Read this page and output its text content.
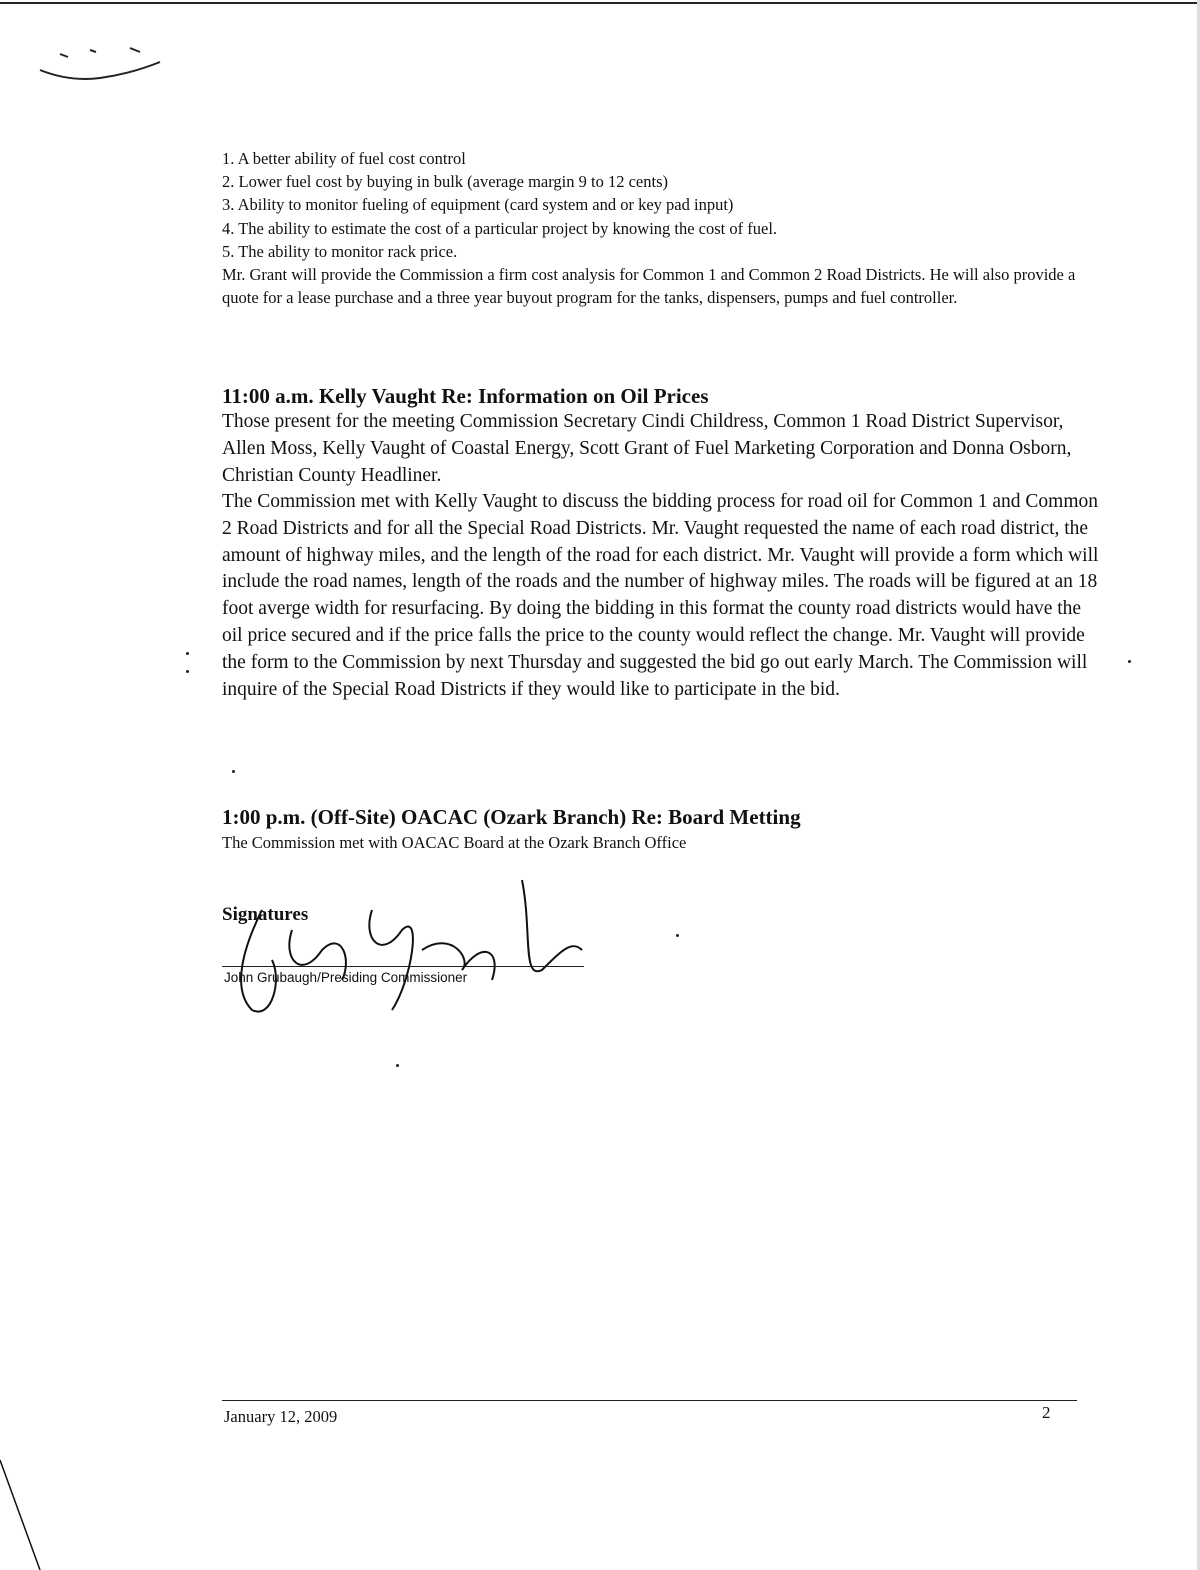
1. A better ability of fuel cost control
2. Lower fuel cost by buying in bulk (average margin 9 to 12 cents)
3. Ability to monitor fueling of equipment (card system and or key pad input)
4. The ability to estimate the cost of a particular project by knowing the cost of fuel.
5. The ability to monitor rack price.

Mr. Grant will provide the Commission a firm cost analysis for Common 1 and Common 2 Road Districts. He will also provide a quote for a lease purchase and a three year buyout program for the tanks, dispensers, pumps and fuel controller.

11:00 a.m. Kelly Vaught Re: Information on Oil Prices

Those present for the meeting Commission Secretary Cindi Childress, Common 1 Road District Supervisor, Allen Moss, Kelly Vaught of Coastal Energy, Scott Grant of Fuel Marketing Corporation and Donna Osborn, Christian County Headliner.

The Commission met with Kelly Vaught to discuss the bidding process for road oil for Common 1 and Common 2 Road Districts and for all the Special Road Districts. Mr. Vaught requested the name of each road district, the amount of highway miles, and the length of the road for each district. Mr. Vaught will provide a form which will include the road names, length of the roads and the number of highway miles. The roads will be figured at an 18 foot averge width for resurfacing. By doing the bidding in this format the county road districts would have the oil price secured and if the price falls the price to the county would reflect the change. Mr. Vaught will provide the form to the Commission by next Thursday and suggested the bid go out early March. The Commission will inquire of the Special Road Districts if they would like to participate in the bid.

1:00 p.m. (Off-Site) OACAC (Ozark Branch) Re: Board Metting

The Commission met with OACAC Board at the Ozark Branch Office

Signatures
John Grubaugh/Presiding Commissioner
January 12, 2009	2
